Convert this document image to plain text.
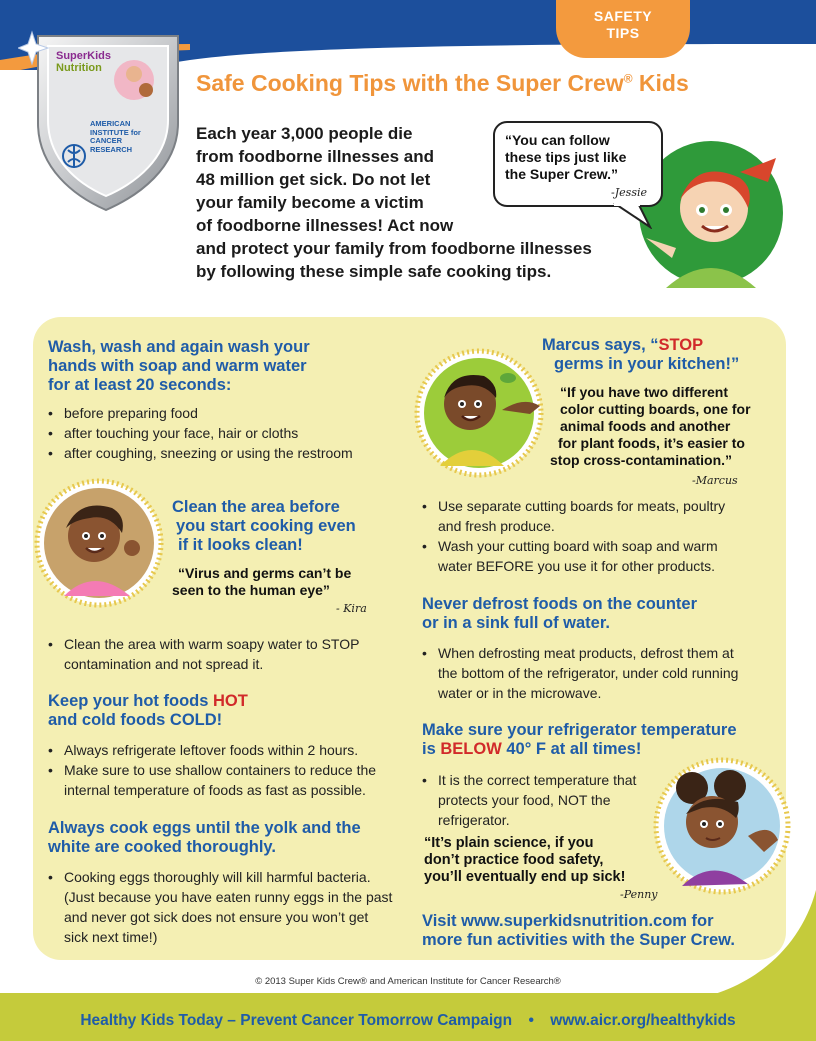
SAFETY
TIPS
SuperKids
Nutrition
AMERICAN
INSTITUTE for
CANCER
RESEARCH
Safe Cooking Tips with the Super Crew® Kids
Each year 3,000 people die
from foodborne illnesses and
48 million get sick. Do not let
your family become a victim
of foodborne illnesses! Act now
and protect your family from foodborne illnesses
by following these simple safe cooking tips.
“You can follow
these tips just like
the Super Crew.”
-Jessie
Wash, wash and again wash your
hands with soap and warm water
for at least 20 seconds:
• before preparing food
• after touching your face, hair or cloths
• after coughing, sneezing or using the restroom
Clean the area before
you start cooking even
if it looks clean!
“Virus and germs can’t be
seen to the human eye”
- Kira
• Clean the area with warm soapy water to STOP
contamination and not spread it.
Keep your hot foods HOT
and cold foods COLD!
• Always refrigerate leftover foods within 2 hours.
• Make sure to use shallow containers to reduce the
internal temperature of foods as fast as possible.
Always cook eggs until the yolk and the
white are cooked thoroughly.
• Cooking eggs thoroughly will kill harmful bacteria.
(Just because you have eaten runny eggs in the past
and never got sick does not ensure you won’t get
sick next time!)
Marcus says, “STOP
germs in your kitchen!”
“If you have two different
color cutting boards, one for
animal foods and another
for plant foods, it’s easier to
stop cross-contamination.”
-Marcus
• Use separate cutting boards for meats, poultry
and fresh produce.
• Wash your cutting board with soap and warm
water BEFORE you use it for other products.
Never defrost foods on the counter
or in a sink full of water.
• When defrosting meat products, defrost them at
the bottom of the refrigerator, under cold running
water or in the microwave.
Make sure your refrigerator temperature
is BELOW 40° F at all times!
• It is the correct temperature that
protects your food, NOT the
refrigerator.
“It’s plain science, if you
don’t practice food safety,
you’ll eventually end up sick!
-Penny
Visit www.superkidsnutrition.com for
more fun activities with the Super Crew.
© 2013 Super Kids Crew® and American Institute for Cancer Research®
Healthy Kids Today – Prevent Cancer Tomorrow Campaign • www.aicr.org/healthykids
